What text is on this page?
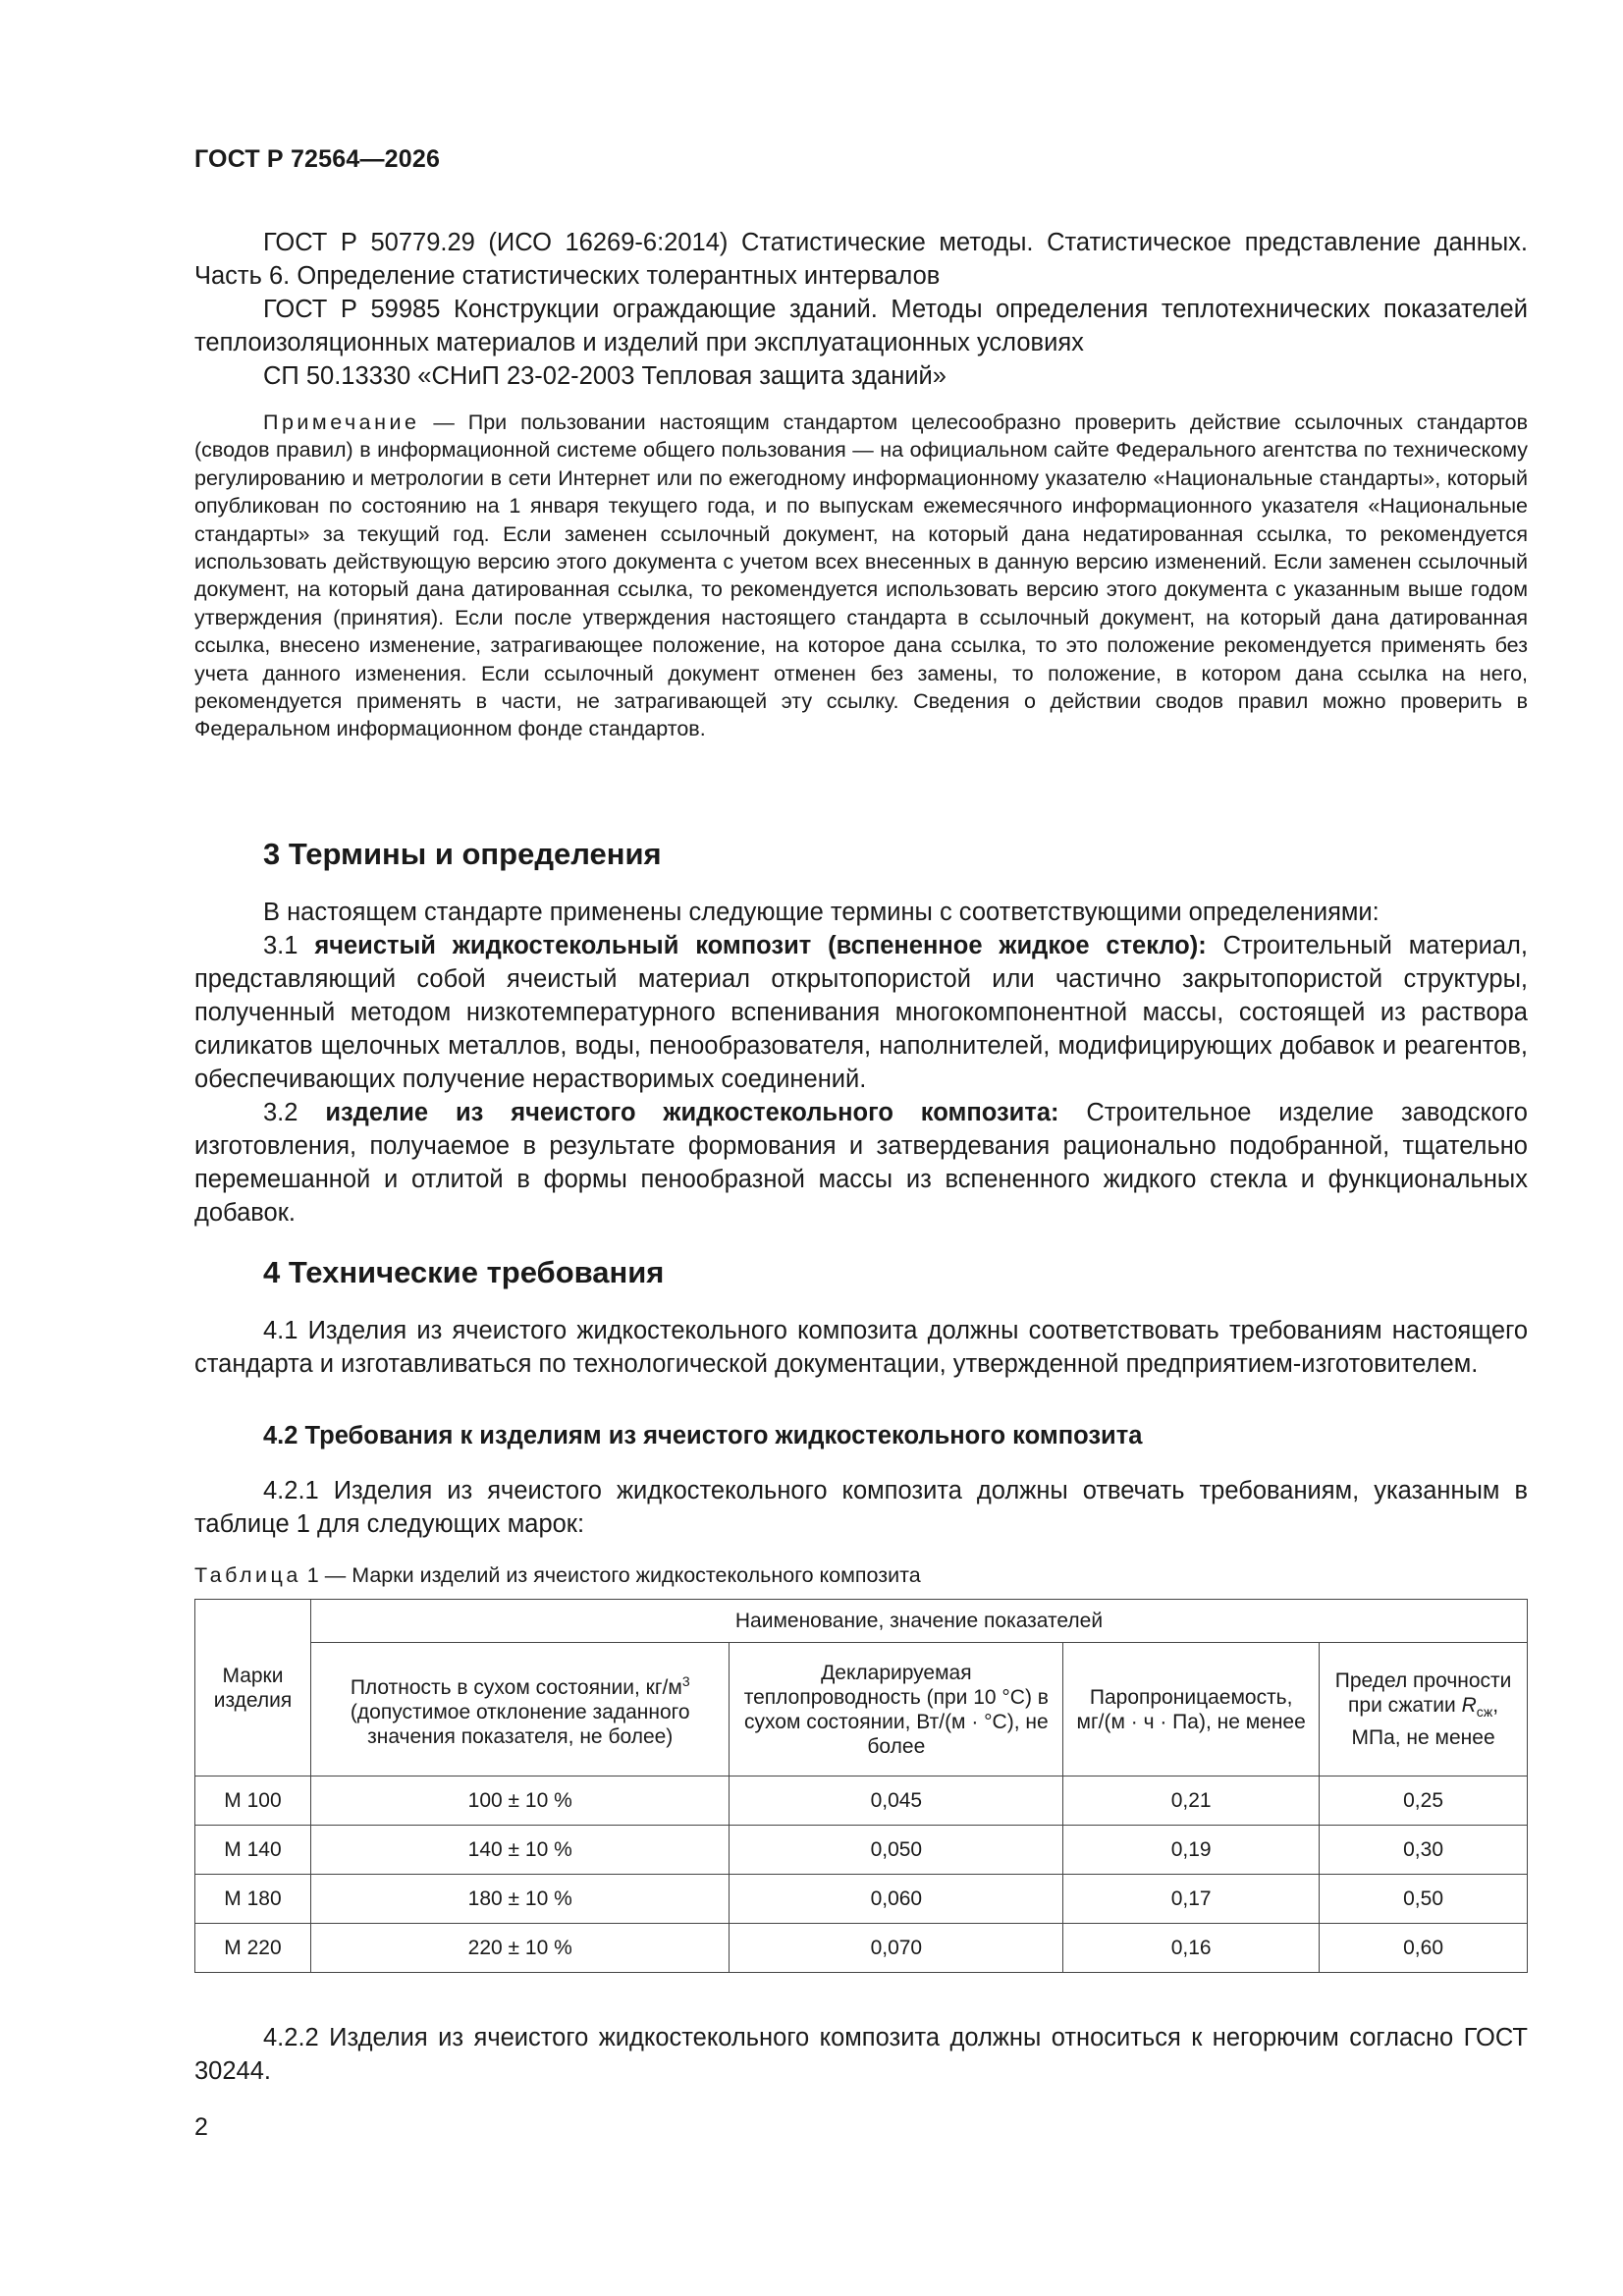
ГОСТ Р 72564—2026

ГОСТ Р 50779.29 (ИСО 16269-6:2014) Статистические методы. Статистическое представление данных. Часть 6. Определение статистических толерантных интервалов

ГОСТ Р 59985 Конструкции ограждающие зданий. Методы определения теплотехнических показателей теплоизоляционных материалов и изделий при эксплуатационных условиях

СП 50.13330 «СНиП 23-02-2003 Тепловая защита зданий»

Примечание — При пользовании настоящим стандартом целесообразно проверить действие ссылочных стандартов (сводов правил) в информационной системе общего пользования — на официальном сайте Федерального агентства по техническому регулированию и метрологии в сети Интернет или по ежегодному информационному указателю «Национальные стандарты», который опубликован по состоянию на 1 января текущего года, и по выпускам ежемесячного информационного указателя «Национальные стандарты» за текущий год. Если заменен ссылочный документ, на который дана недатированная ссылка, то рекомендуется использовать действующую версию этого документа с учетом всех внесенных в данную версию изменений. Если заменен ссылочный документ, на который дана датированная ссылка, то рекомендуется использовать версию этого документа с указанным выше годом утверждения (принятия). Если после утверждения настоящего стандарта в ссылочный документ, на который дана датированная ссылка, внесено изменение, затрагивающее положение, на которое дана ссылка, то это положение рекомендуется применять без учета данного изменения. Если ссылочный документ отменен без замены, то положение, в котором дана ссылка на него, рекомендуется применять в части, не затрагивающей эту ссылку. Сведения о действии сводов правил можно проверить в Федеральном информационном фонде стандартов.

3 Термины и определения

В настоящем стандарте применены следующие термины с соответствующими определениями:

3.1 ячеистый жидкостекольный композит (вспененное жидкое стекло): Строительный материал, представляющий собой ячеистый материал открытопористой или частично закрытопористой структуры, полученный методом низкотемпературного вспенивания многокомпонентной массы, состоящей из раствора силикатов щелочных металлов, воды, пенообразователя, наполнителей, модифицирующих добавок и реагентов, обеспечивающих получение нерастворимых соединений.

3.2 изделие из ячеистого жидкостекольного композита: Строительное изделие заводского изготовления, получаемое в результате формования и затвердевания рационально подобранной, тщательно перемешанной и отлитой в формы пенообразной массы из вспененного жидкого стекла и функциональных добавок.

4 Технические требования

4.1 Изделия из ячеистого жидкостекольного композита должны соответствовать требованиям настоящего стандарта и изготавливаться по технологической документации, утвержденной предприятием-изготовителем.

4.2 Требования к изделиям из ячеистого жидкостекольного композита

4.2.1 Изделия из ячеистого жидкостекольного композита должны отвечать требованиям, указанным в таблице 1 для следующих марок:

Таблица 1 — Марки изделий из ячеистого жидкостекольного композита

Марки изделия	Наименование, значение показателей			
	Плотность в сухом состоянии, $кг/м^3$ (допустимое отклонение заданного значения показателя, не более)	Декларируемая теплопроводность (при 10 °С) в сухом состоянии, Вт/(м · °С), не более	Паропроницаемость, мг/(м · ч · Па), не менее	Предел прочности при сжатии $R_{сж}$, МПа, не менее
М 100	100 ± 10 %	0,045	0,21	0,25
М 140	140 ± 10 %	0,050	0,19	0,30
М 180	180 ± 10 %	0,060	0,17	0,50
М 220	220 ± 10 %	0,070	0,16	0,60

4.2.2 Изделия из ячеистого жидкостекольного композита должны относиться к негорючим согласно ГОСТ 30244.

2
